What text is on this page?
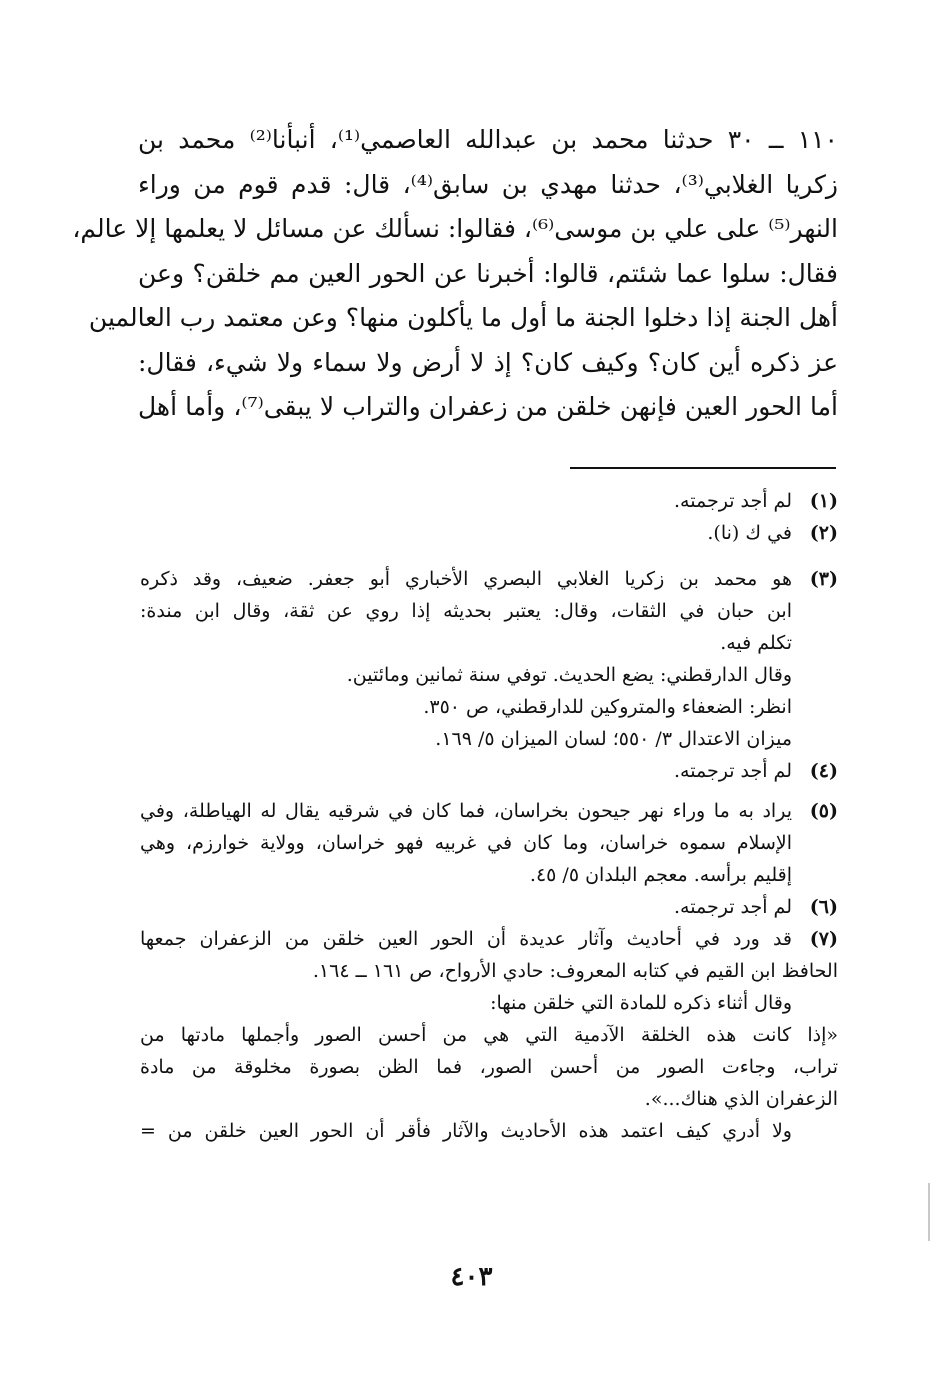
١١٠ ــ ٣٠ حدثنا محمد بن عبدالله العاصمي⁽¹⁾، أنبأنا⁽²⁾ محمد بن
زكريا الغلابي⁽³⁾، حدثنا مهدي بن سابق⁽⁴⁾، قال: قدم قوم من وراء
النهر⁽⁵⁾ على علي بن موسى⁽⁶⁾، فقالوا: نسألك عن مسائل لا يعلمها إلا عالم،
فقال: سلوا عما شئتم، قالوا: أخبرنا عن الحور العين مم خلقن؟ وعن
أهل الجنة إذا دخلوا الجنة ما أول ما يأكلون منها؟ وعن معتمد رب العالمين
عز ذكره أين كان؟ وكيف كان؟ إذ لا أرض ولا سماء ولا شيء، فقال:
أما الحور العين فإنهن خلقن من زعفران والتراب لا يبقى⁽⁷⁾، وأما أهل
(١)
لم أجد ترجمته.
(٢)
في ك (نا).
(٣)
هو محمد بن زكريا الغلابي البصري الأخباري أبو جعفر. ضعيف، وقد ذكره
ابن حبان في الثقات، وقال: يعتبر بحديثه إذا روي عن ثقة، وقال ابن مندة:
تكلم فيه.
وقال الدارقطني: يضع الحديث. توفي سنة ثمانين ومائتين.
انظر: الضعفاء والمتروكين للدارقطني، ص ٣٥٠.
ميزان الاعتدال ٣/ ٥٥٠؛ لسان الميزان ٥/ ١٦٩.
(٤)
لم أجد ترجمته.
(٥)
يراد به ما وراء نهر جيحون بخراسان، فما كان في شرقيه يقال له الهياطلة، وفي
الإسلام سموه خراسان، وما كان في غربيه فهو خراسان، وولاية خوارزم، وهي
إقليم برأسه. معجم البلدان ٥/ ٤٥.
(٦)
لم أجد ترجمته.
(٧)
قد ورد في أحاديث وآثار عديدة أن الحور العين خلقن من الزعفران جمعها
الحافظ ابن القيم في كتابه المعروف: حادي الأرواح، ص ١٦١ ــ ١٦٤.
وقال أثناء ذكره للمادة التي خلقن منها:
«إذا كانت هذه الخلقة الآدمية التي هي من أحسن الصور وأجملها مادتها من
تراب، وجاءت الصور من أحسن الصور، فما الظن بصورة مخلوقة من مادة
الزعفران الذي هناك...».
ولا أدري كيف اعتمد هذه الأحاديث والآثار فأقر أن الحور العين خلقن من =
٤٠٣
